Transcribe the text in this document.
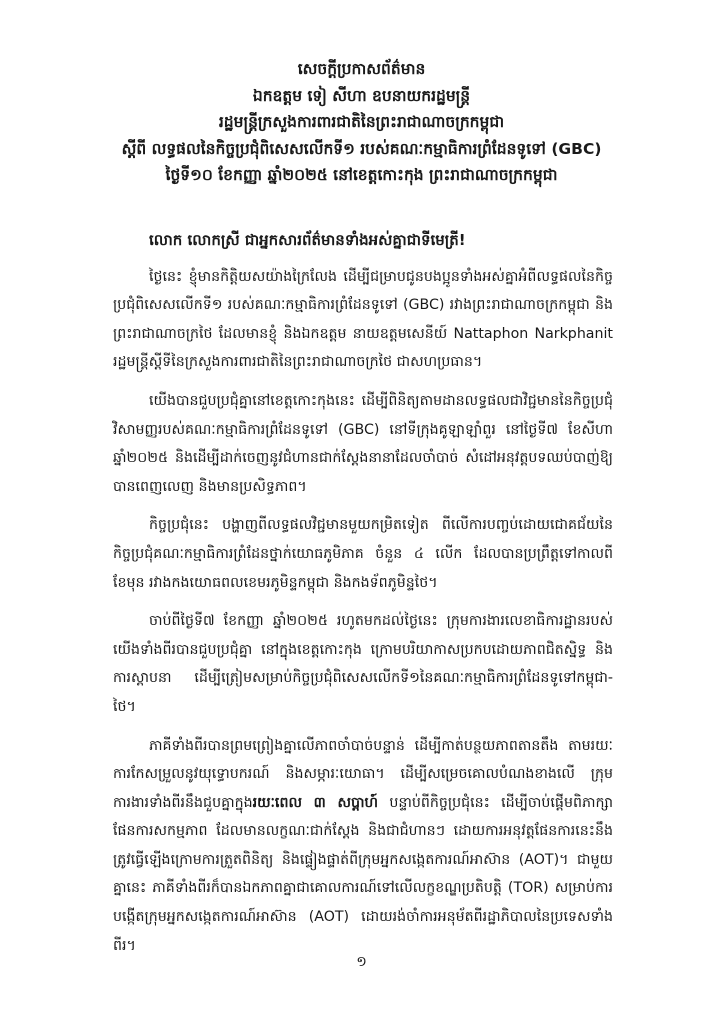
សេចក្តីប្រកាសព័ត៌មាន
ឯកឧត្តម ទៀ សីហា ឧបនាយករដ្ឋមន្ត្រី
រដ្ឋមន្ត្រីក្រសួងការពារជាតិនៃព្រះរាជាណាចក្រកម្ពុជា
ស្តីពី លទ្ធផលនៃកិច្ចប្រជុំពិសេសលើកទី១ របស់គណៈកម្មាធិការព្រំដែនទូទៅ (GBC)
ថ្ងៃទី១០ ខែកញ្ញា ឆ្នាំ២០២៥ នៅខេត្តកោះកុង ព្រះរាជាណាចក្រកម្ពុជា
លោក លោកស្រី ជាអ្នកសារព័ត៌មានទាំងអស់គ្នាជាទីមេត្រី!

ថ្ងៃនេះ ខ្ញុំមានកិត្តិយសយ៉ាងក្រៃលែង ដើម្បីជម្រាបជូនបងប្អូនទាំងអស់គ្នាអំពីលទ្ធផលនៃកិច្ចប្រជុំពិសេសលើកទី១ របស់គណៈកម្មាធិការព្រំដែនទូទៅ (GBC) រវាងព្រះរាជាណាចក្រកម្ពុជា និងព្រះរាជាណាចក្រថៃ ដែលមានខ្ញុំ និងឯកឧត្តម នាយឧត្តមសេនីយ៍ Nattaphon Narkphanit រដ្ឋមន្ត្រីស្តីទីនៃក្រសួងការពារជាតិនៃព្រះរាជាណាចក្រថៃ ជាសហប្រធាន។

យើងបានជួបប្រជុំគ្នានៅខេត្តកោះកុងនេះ ដើម្បីពិនិត្យតាមដានលទ្ធផលជាវិជ្ជមាននៃកិច្ចប្រជុំវិសាមញ្ញរបស់គណៈកម្មាធិការព្រំដែនទូទៅ (GBC) នៅទីក្រុងគូឡាឡាំពួរ នៅថ្ងៃទី៧ ខែសីហា ឆ្នាំ២០២៥ និងដើម្បីដាក់ចេញនូវជំហានជាក់ស្តែងនានាដែលចាំបាច់ សំដៅអនុវត្តបទឈប់បាញ់ឱ្យបានពេញលេញ និងមានប្រសិទ្ធភាព។

កិច្ចប្រជុំនេះ បង្ហាញពីលទ្ធផលវិជ្ជមានមួយកម្រិតទៀត ពីលើការបញ្ចប់ដោយជោគជ័យនៃកិច្ចប្រជុំគណៈកម្មាធិការព្រំដែនថ្នាក់យោធភូមិភាគ ចំនួន ៤ លើក ដែលបានប្រព្រឹត្តទៅកាលពីខែមុន រវាងកងយោធពលខេមរភូមិន្ទកម្ពុជា និងកងទ័ពភូមិន្ទថៃ។

ចាប់ពីថ្ងៃទី៧ ខែកញ្ញា ឆ្នាំ២០២៥ រហូតមកដល់ថ្ងៃនេះ ក្រុមការងារលេខាធិការដ្ឋានរបស់យើងទាំងពីរបានជួបប្រជុំគ្នា នៅក្នុងខេត្តកោះកុង ក្រោមបរិយាកាសប្រកបដោយភាពជិតស្និទ្ធ និងការស្តាបនា ដើម្បីត្រៀមសម្រាប់កិច្ចប្រជុំពិសេសលើកទី១នៃគណៈកម្មាធិការព្រំដែនទូទៅកម្ពុជា-ថៃ។

ភាគីទាំងពីរបានព្រមព្រៀងគ្នាលើភាពចាំបាច់បន្ទាន់ ដើម្បីកាត់បន្ថយភាពតានតឹង តាមរយៈការកែសម្រួលនូវយុទ្ធោបករណ៍ និងសម្ភារៈយោធា។ ដើម្បីសម្រេចគោលបំណងខាងលើ ក្រុមការងារទាំងពីរនឹងជួបគ្នាក្នុងរយៈពេល ៣ សប្តាហ៍ បន្ទាប់ពីកិច្ចប្រជុំនេះ ដើម្បីចាប់ផ្តើមពិភាក្សាផែនការសកម្មភាព ដែលមានលក្ខណៈជាក់ស្តែង និងជាជំហានៗ ដោយការអនុវត្តផែនការនេះនឹងត្រូវធ្វើឡើងក្រោមការត្រួតពិនិត្យ និងផ្ទៀងផ្ទាត់ពីក្រុមអ្នកសង្កេតការណ៍អាស៊ាន (AOT)។ ជាមួយគ្នានេះ ភាគីទាំងពីរក៏បានឯកភាពគ្នាជាគោលការណ៍ទៅលើលក្ខខណ្ឌប្រតិបត្តិ (TOR) សម្រាប់ការបង្កើតក្រុមអ្នកសង្កេតការណ៍អាស៊ាន (AOT) ដោយរង់ចាំការអនុម័តពីរដ្ឋាភិបាលនៃប្រទេសទាំងពីរ។

១
